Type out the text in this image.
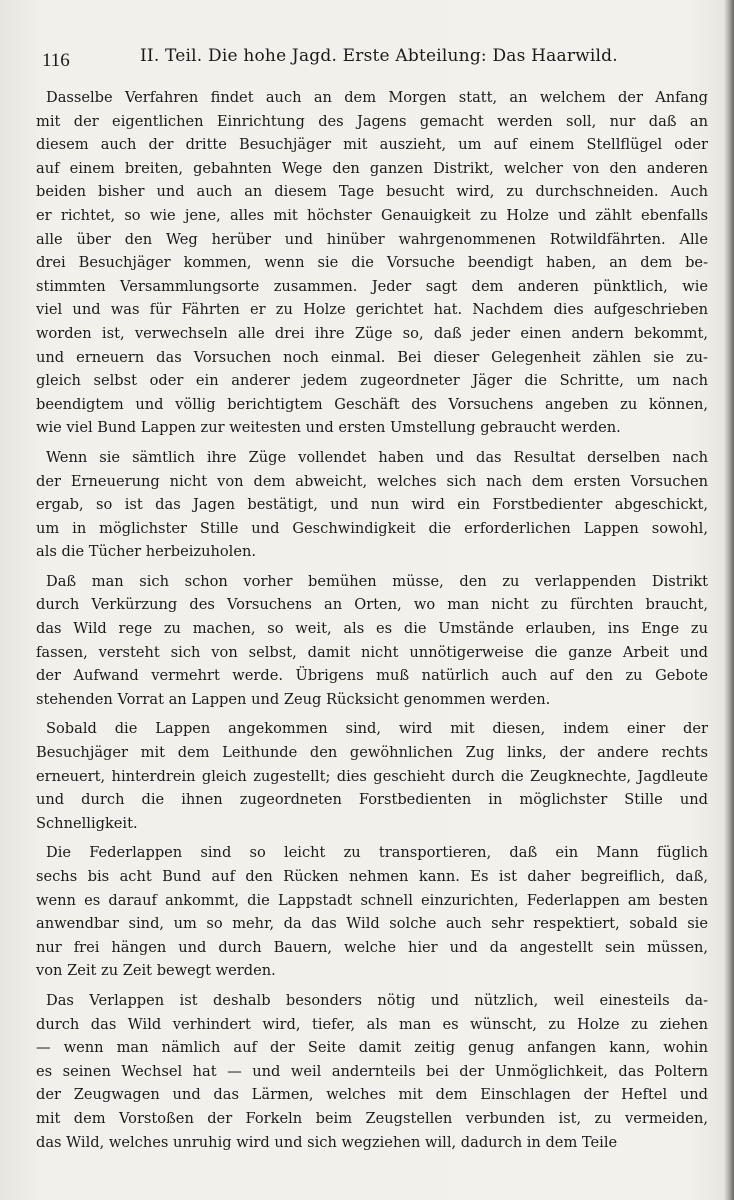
116	II. Teil. Die hohe Jagd. Erste Abteilung: Das Haarwild.
Dasselbe Verfahren findet auch an dem Morgen statt, an welchem der Anfang
mit der eigentlichen Einrichtung des Jagens gemacht werden soll, nur daß an
diesem auch der dritte Besuchjäger mit auszieht, um auf einem Stellflügel oder
auf einem breiten, gebahnten Wege den ganzen Distrikt, welcher von den anderen
beiden bisher und auch an diesem Tage besucht wird, zu durchschneiden. Auch
er richtet, so wie jene, alles mit höchster Genauigkeit zu Holze und zählt ebenfalls
alle über den Weg herüber und hinüber wahrgenommenen Rotwildfährten. Alle
drei Besuchjäger kommen, wenn sie die Vorsuche beendigt haben, an dem be-
stimmten Versammlungsorte zusammen. Jeder sagt dem anderen pünktlich, wie
viel und was für Fährten er zu Holze gerichtet hat. Nachdem dies aufgeschrieben
worden ist, verwechseln alle drei ihre Züge so, daß jeder einen andern bekommt,
und erneuern das Vorsuchen noch einmal. Bei dieser Gelegenheit zählen sie zu-
gleich selbst oder ein anderer jedem zugeordneter Jäger die Schritte, um nach
beendigtem und völlig berichtigtem Geschäft des Vorsuchens angeben zu können,
wie viel Bund Lappen zur weitesten und ersten Umstellung gebraucht werden.
Wenn sie sämtlich ihre Züge vollendet haben und das Resultat derselben nach
der Erneuerung nicht von dem abweicht, welches sich nach dem ersten Vorsuchen
ergab, so ist das Jagen bestätigt, und nun wird ein Forstbedienter abgeschickt,
um in möglichster Stille und Geschwindigkeit die erforderlichen Lappen sowohl,
als die Tücher herbeizuholen.
Daß man sich schon vorher bemühen müsse, den zu verlappenden Distrikt
durch Verkürzung des Vorsuchens an Orten, wo man nicht zu fürchten braucht,
das Wild rege zu machen, so weit, als es die Umstände erlauben, ins Enge zu
fassen, versteht sich von selbst, damit nicht unnötigerweise die ganze Arbeit und
der Aufwand vermehrt werde. Übrigens muß natürlich auch auf den zu Gebote
stehenden Vorrat an Lappen und Zeug Rücksicht genommen werden.
Sobald die Lappen angekommen sind, wird mit diesen, indem einer der
Besuchjäger mit dem Leithunde den gewöhnlichen Zug links, der andere rechts
erneuert, hinterdrein gleich zugestellt; dies geschieht durch die Zeugknechte, Jagdleute
und durch die ihnen zugeordneten Forstbedienten in möglichster Stille und
Schnelligkeit.
Die Federlappen sind so leicht zu transportieren, daß ein Mann füglich
sechs bis acht Bund auf den Rücken nehmen kann. Es ist daher begreiflich, daß,
wenn es darauf ankommt, die Lappstadt schnell einzurichten, Federlappen am besten
anwendbar sind, um so mehr, da das Wild solche auch sehr respektiert, sobald sie
nur frei hängen und durch Bauern, welche hier und da angestellt sein müssen,
von Zeit zu Zeit bewegt werden.
Das Verlappen ist deshalb besonders nötig und nützlich, weil einesteils da-
durch das Wild verhindert wird, tiefer, als man es wünscht, zu Holze zu ziehen
— wenn man nämlich auf der Seite damit zeitig genug anfangen kann, wohin
es seinen Wechsel hat — und weil andernteils bei der Unmöglichkeit, das Poltern
der Zeugwagen und das Lärmen, welches mit dem Einschlagen der Heftel und
mit dem Vorstoßen der Forkeln beim Zeugstellen verbunden ist, zu vermeiden,
das Wild, welches unruhig wird und sich wegziehen will, dadurch in dem Teile
